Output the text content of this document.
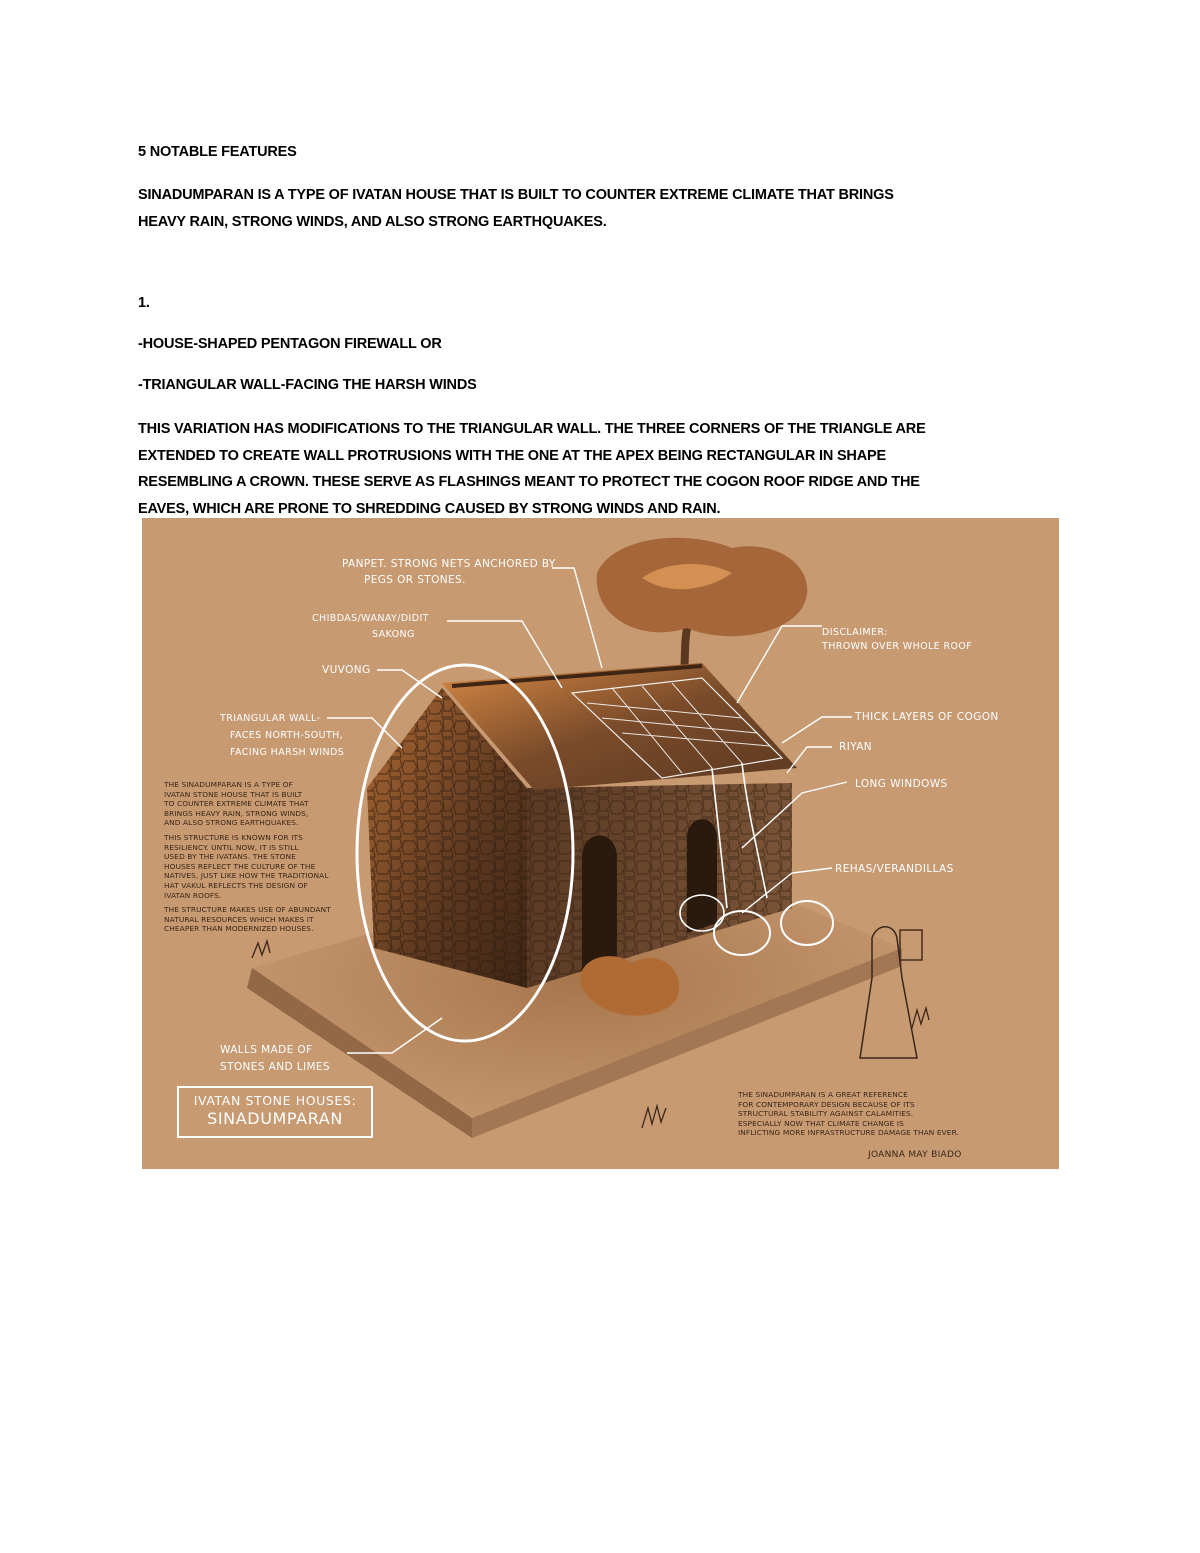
5 NOTABLE FEATURES
SINADUMPARAN IS A TYPE OF IVATAN HOUSE THAT IS BUILT TO COUNTER EXTREME CLIMATE THAT BRINGS
HEAVY RAIN, STRONG WINDS, AND ALSO STRONG EARTHQUAKES.
1.
-HOUSE-SHAPED PENTAGON FIREWALL OR
-TRIANGULAR WALL-FACING THE HARSH WINDS
THIS VARIATION HAS MODIFICATIONS TO THE TRIANGULAR WALL. THE THREE CORNERS OF THE TRIANGLE ARE
EXTENDED TO CREATE WALL PROTRUSIONS WITH THE ONE AT THE APEX BEING RECTANGULAR IN SHAPE
RESEMBLING A CROWN. THESE SERVE AS FLASHINGS MEANT TO PROTECT THE COGON ROOF RIDGE AND THE
EAVES, WHICH ARE PRONE TO SHREDDING CAUSED BY STRONG WINDS AND RAIN.
PANPET. STRONG NETS ANCHORED BY
PEGS OR STONES.
CHIBDAS/WANAY/DIDIT
SAKONG
VUVONG
TRIANGULAR WALL-
FACES NORTH-SOUTH,
FACING HARSH WINDS
DISCLAIMER:
THROWN OVER WHOLE ROOF
THICK LAYERS OF COGON
RIYAN
LONG WINDOWS
REHAS/VERANDILLAS
WALLS MADE OF
STONES AND LIMES
THE SINADUMPARAN IS A TYPE OF
IVATAN STONE HOUSE THAT IS BUILT
TO COUNTER EXTREME CLIMATE THAT
BRINGS HEAVY RAIN, STRONG WINDS,
AND ALSO STRONG EARTHQUAKES.
THIS STRUCTURE IS KNOWN FOR ITS
RESILIENCY. UNTIL NOW, IT IS STILL
USED BY THE IVATANS. THE STONE
HOUSES REFLECT THE CULTURE OF THE
NATIVES, JUST LIKE HOW THE TRADITIONAL
HAT VAKUL REFLECTS THE DESIGN OF
IVATAN ROOFS.
THE STRUCTURE MAKES USE OF ABUNDANT
NATURAL RESOURCES WHICH MAKES IT
CHEAPER THAN MODERNIZED HOUSES.
THE SINADUMPARAN IS A GREAT REFERENCE
FOR CONTEMPORARY DESIGN BECAUSE OF ITS
STRUCTURAL STABILITY AGAINST CALAMITIES.
ESPECIALLY NOW THAT CLIMATE CHANGE IS
INFLICTING MORE INFRASTRUCTURE DAMAGE THAN EVER.
IVATAN STONE HOUSES:
SINADUMPARAN
JOANNA MAY BIADO
